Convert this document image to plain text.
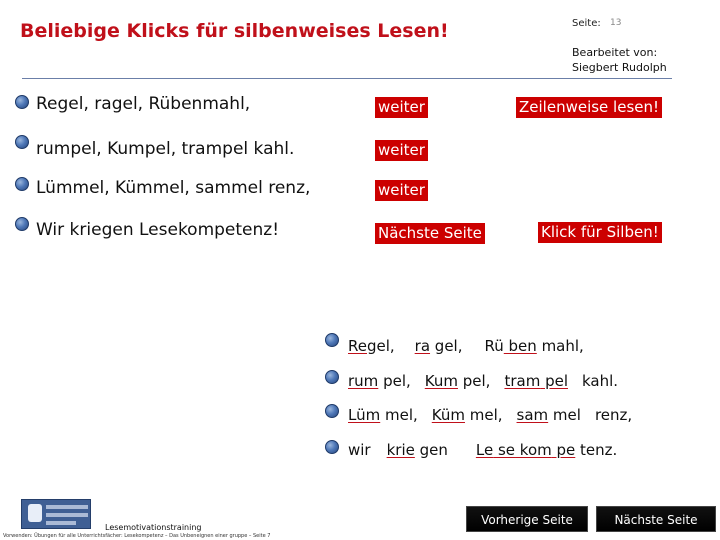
Beliebige Klicks für silbenweises Lesen!	Seite: 13
Bearbeitet von:
Siegbert Rudolph
Regel, ragel, Rübenmahl,
rumpel, Kumpel, trampel kahl.
Lümmel, Kümmel, sammel renz,
Wir kriegen Lesekompetenz!
weiter
weiter
weiter
Nächste Seite
Zeilenweise lesen!
Klick für Silben!
Regel, ra gel, Rü ben mahl,
rum pel, Kum pel, tram pel kahl.
Lüm mel, Küm mel, sam mel renz,
wir krie gen Le se kom pe tenz.
Lesemotivationstraining
Vorwenden: Übungen für alle Unterrichtsfächer: Lesekompetenz – Das Unbeneignen einer gruppe – Seite 7
Vorherige Seite	Nächste Seite
